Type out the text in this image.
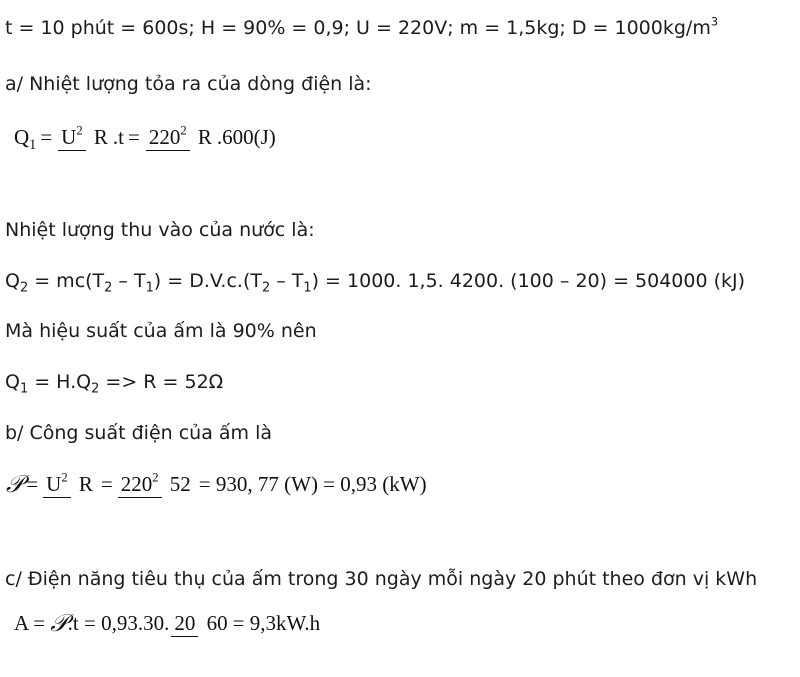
t = 10 phút = 600s; H = 90% = 0,9; U = 220V; m = 1,5kg; $D = 1000kg/m^3$
a/ Nhiệt lượng tỏa ra của dòng điện là:
$Q_1 = U^2$ R $.t = 220^2$ R .600(J)
Nhiệt lượng thu vào của nước là:
$Q_2 = mc(T_2 - T_1) = D.V.c.(T_2 - T_1) = 1000$. 1,5. 4200. (100 – 20) = 504000 (kJ)
Mà hiệu suất của ấm là 90% nên
$Q_1 = H.Q_2 => R = 52\Omega$
b/ Công suất điện của ấm là
𝒫 = $U^2$ $R = 220^2$ 52 = 930, 77 (W) = 0,93 (kW)
c/ Điện năng tiêu thụ của ấm trong 30 ngày mỗi ngày 20 phút theo đơn vị kWh
A = 𝒫 .t = 0,93.30. 20 60 = 9,3kW.h
